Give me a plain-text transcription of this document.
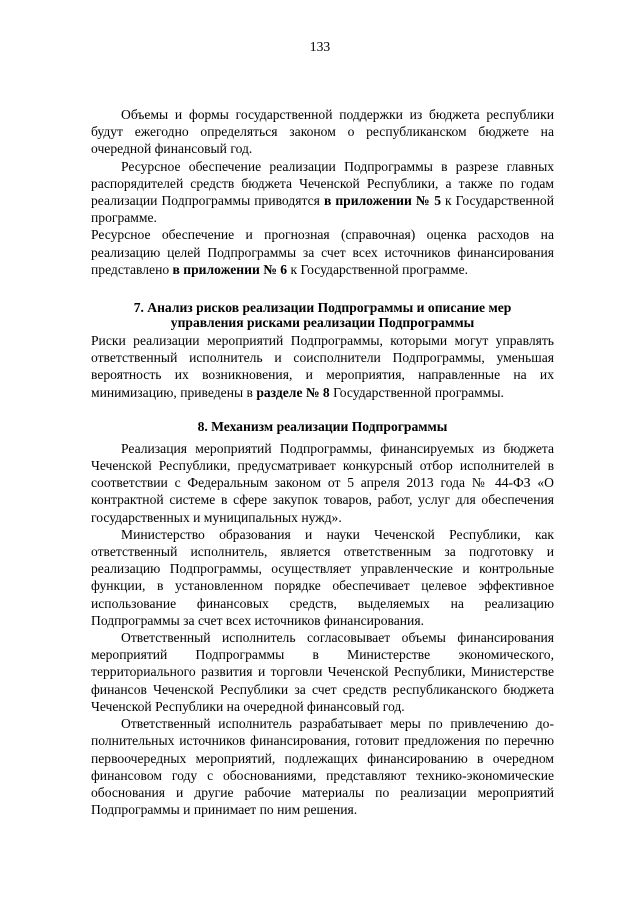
133

Объемы и формы государственной поддержки из бюджета республики будут ежегодно определяться законом о республиканском бюджете на очередной финансовый год.

Ресурсное обеспечение реализации Подпрограммы в разрезе главных распорядителей средств бюджета Чеченской Республики, а также по годам реализации Подпрограммы приводятся в приложении № 5 к Государственной программе.

Ресурсное обеспечение и прогнозная (справочная) оценка расходов на реализацию целей Подпрограммы за счет всех источников финансирования представлено в приложении № 6 к Государственной программе.

7. Анализ рисков реализации Подпрограммы и описание мер
управления рисками реализации Подпрограммы

Риски реализации мероприятий Подпрограммы, которыми могут управлять ответственный исполнитель и соисполнители Подпрограммы, уменьшая вероятность их возникновения, и мероприятия, направленные на их минимизацию, приведены в разделе № 8 Государственной программы.

8. Механизм реализации Подпрограммы

Реализация мероприятий Подпрограммы, финансируемых из бюджета Чеченской Республики, предусматривает конкурсный отбор исполнителей в соответствии с Федеральным законом от 5 апреля 2013 года № 44-ФЗ «О контрактной системе в сфере закупок товаров, работ, услуг для обеспечения государственных и муниципальных нужд».

Министерство образования и науки Чеченской Республики, как ответственный исполнитель, является ответственным за подготовку и реализацию Подпрограммы, осуществляет управленческие и контрольные функции, в установленном порядке обеспечивает целевое эффективное использование финансовых средств, выделяемых на реализацию Подпрограммы за счет всех источников финансирования.

Ответственный исполнитель согласовывает объемы финансирования мероприятий Подпрограммы в Министерстве экономического, территориального развития и торговли Чеченской Республики, Министерстве финансов Чеченской Республики за счет средств республиканского бюджета Чеченской Республики на очередной финансовый год.

Ответственный исполнитель разрабатывает меры по привлечению до-полнительных источников финансирования, готовит предложения по перечню первоочередных мероприятий, подлежащих финансированию в очередном финансовом году с обоснованиями, представляют технико-экономические обоснования и другие рабочие материалы по реализации мероприятий Подпрограммы и принимает по ним решения.
